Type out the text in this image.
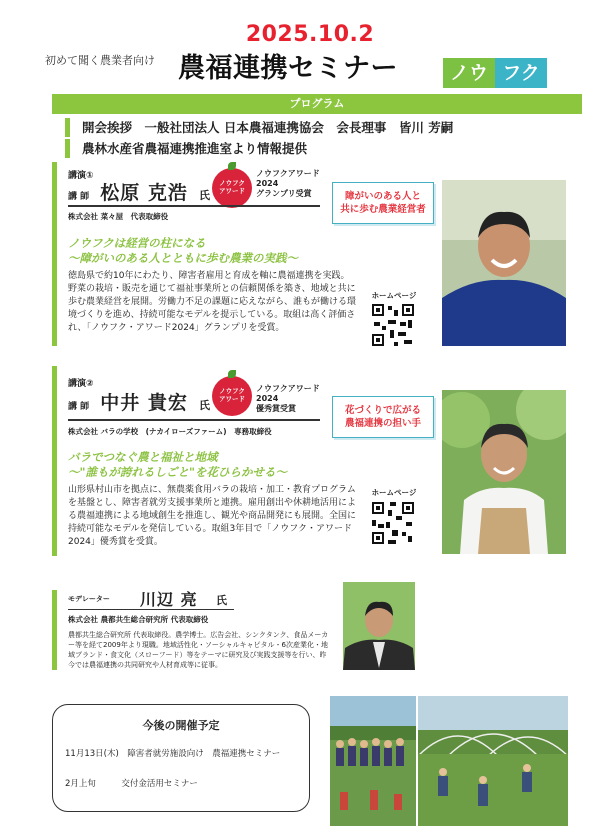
2025.10.2
初めて聞く農業者向け 農福連携セミナー	ノウ フク
プログラム
開会挨拶　一般社団法人 日本農福連携協会　会長理事　皆川 芳嗣
農林水産省農福連携推進室より情報提供
講演①
講 師 松原 克浩 氏
ノウフク
アワード
ノウフクアワード
2024
グランプリ受賞
株式会社 菜々屋　代表取締役
障がいのある人と
共に歩む農業経営者
ノウフクは経営の柱になる
〜障がいのある人とともに歩む農業の実践〜
徳島県で約10年にわたり、障害者雇用と育成を軸に農福連携を実践。野菜の栽培・販売を通じて福祉事業所との信頼関係を築き、地域と共に歩む農業経営を展開。労働力不足の課題に応えながら、誰もが働ける環境づくりを進め、持続可能なモデルを提示している。取組は高く評価され、「ノウフク・アワード2024」グランプリを受賞。
ホームページ
講演②
講 師 中井 貴宏 氏
ノウフク
アワード
ノウフクアワード
2024
優秀賞受賞
株式会社 バラの学校　(ナカイローズファーム)　専務取締役
花づくりで広がる
農福連携の担い手
バラでつなぐ農と福祉と地域
〜"誰もが誇れるしごと"を花ひらかせる〜
山形県村山市を拠点に、無農薬食用バラの栽培・加工・教育プログラムを基盤とし、障害者就労支援事業所と連携。雇用創出や休耕地活用による農福連携による地域創生を推進し、観光や商品開発にも展開。全国に持続可能なモデルを発信している。取組3年目で「ノウフク・アワード2024」優秀賞を受賞。
ホームページ
モデレーター 川辺 亮 氏
株式会社 農都共生総合研究所 代表取締役
農都共生総合研究所 代表取締役。農学博士。広告会社、シンクタンク、食品メーカー等を経て2009年より現職。地域活性化・ソーシャルキャピタル・6次産業化・地域ブランド・食文化（スローフード）等をテーマに研究及び実践支援等を行い、昨今では農福連携の共同研究や人材育成等に従事。
今後の開催予定
11月13日(木)　障害者就労施設向け　農福連携セミナー
2月上旬　　　交付金活用セミナー
